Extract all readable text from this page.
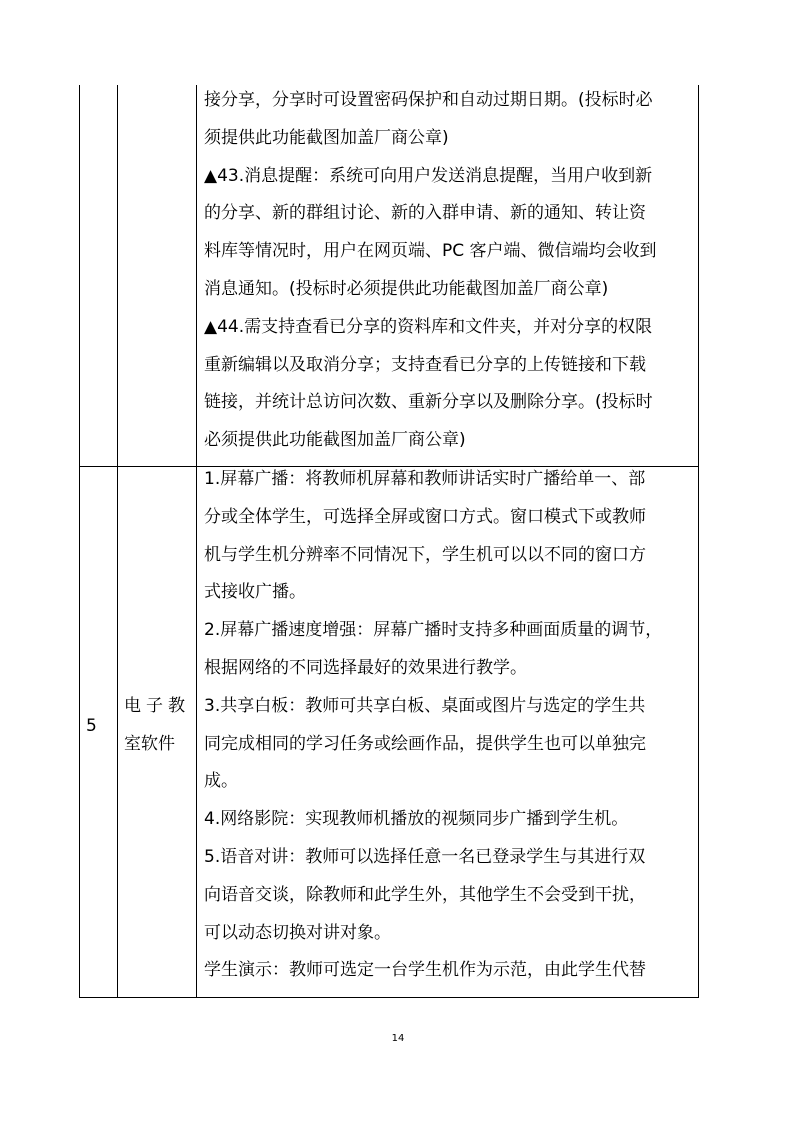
接分享，分享时可设置密码保护和自动过期日期。(投标时必
须提供此功能截图加盖厂商公章)
▲43.消息提醒：系统可向用户发送消息提醒，当用户收到新
的分享、新的群组讨论、新的入群申请、新的通知、转让资
料库等情况时，用户在网页端、PC 客户端、微信端均会收到
消息通知。(投标时必须提供此功能截图加盖厂商公章)
▲44.需支持查看已分享的资料库和文件夹，并对分享的权限
重新编辑以及取消分享；支持查看已分享的上传链接和下载
链接，并统计总访问次数、重新分享以及删除分享。(投标时
必须提供此功能截图加盖厂商公章)
5
电子教
室软件
1.屏幕广播：将教师机屏幕和教师讲话实时广播给单一、部
分或全体学生，可选择全屏或窗口方式。窗口模式下或教师
机与学生机分辨率不同情况下，学生机可以以不同的窗口方
式接收广播。
2.屏幕广播速度增强：屏幕广播时支持多种画面质量的调节，
根据网络的不同选择最好的效果进行教学。
3.共享白板：教师可共享白板、桌面或图片与选定的学生共
同完成相同的学习任务或绘画作品，提供学生也可以单独完
成。
4.网络影院：实现教师机播放的视频同步广播到学生机。
5.语音对讲：教师可以选择任意一名已登录学生与其进行双
向语音交谈，除教师和此学生外，其他学生不会受到干扰，
可以动态切换对讲对象。
学生演示：教师可选定一台学生机作为示范，由此学生代替
14
